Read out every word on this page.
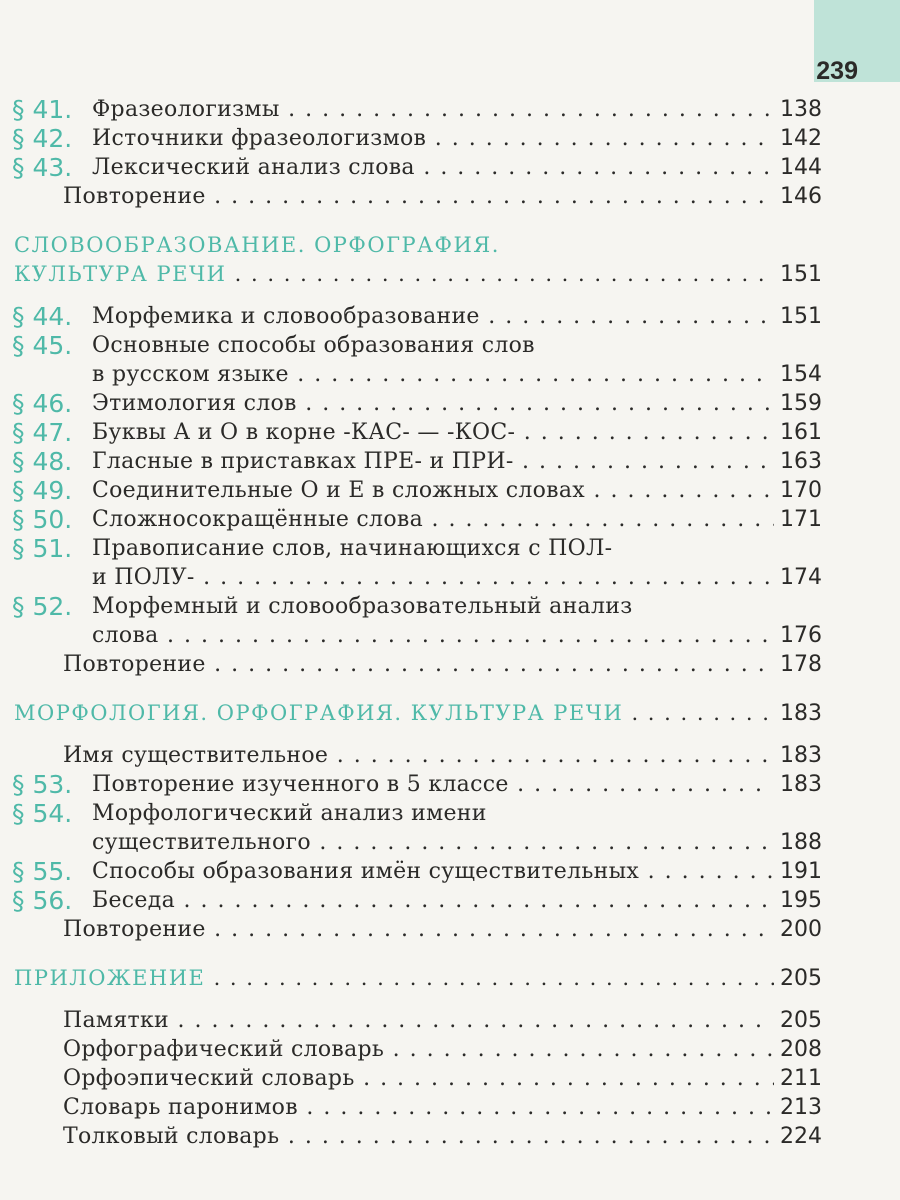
239
§ 41. Фразеологизмы . . .	138
§ 42. Источники фразеологизмов . . .	142
§ 43. Лексический анализ слова . . .	144
Повторение . . .	146
СЛОВООБРАЗОВАНИЕ. ОРФОГРАФИЯ.
КУЛЬТУРА РЕЧИ . . .	151
§ 44. Морфемика и словообразование . . .	151
§ 45. Основные способы образования слов
в русском языке . . .	154
§ 46. Этимология слов . . .	159
§ 47. Буквы А и О в корне -КАС- — -КОС- . . .	161
§ 48. Гласные в приставках ПРЕ- и ПРИ- . . .	163
§ 49. Соединительные О и Е в сложных словах . . .	170
§ 50. Сложносокращённые слова . . .	171
§ 51. Правописание слов, начинающихся с ПОЛ-
и ПОЛУ- . . .	174
§ 52. Морфемный и словообразовательный анализ
слова . . .	176
Повторение . . .	178
МОРФОЛОГИЯ. ОРФОГРАФИЯ. КУЛЬТУРА РЕЧИ . . .	183
Имя существительное . . .	183
§ 53. Повторение изученного в 5 классе . . .	183
§ 54. Морфологический анализ имени
существительного . . .	188
§ 55. Способы образования имён существительных . . .	191
§ 56. Беседа . . .	195
Повторение . . .	200
ПРИЛОЖЕНИЕ . . .	205
Памятки . . .	205
Орфографический словарь . . .	208
Орфоэпический словарь . . .	211
Словарь паронимов . . .	213
Толковый словарь . . .	224
